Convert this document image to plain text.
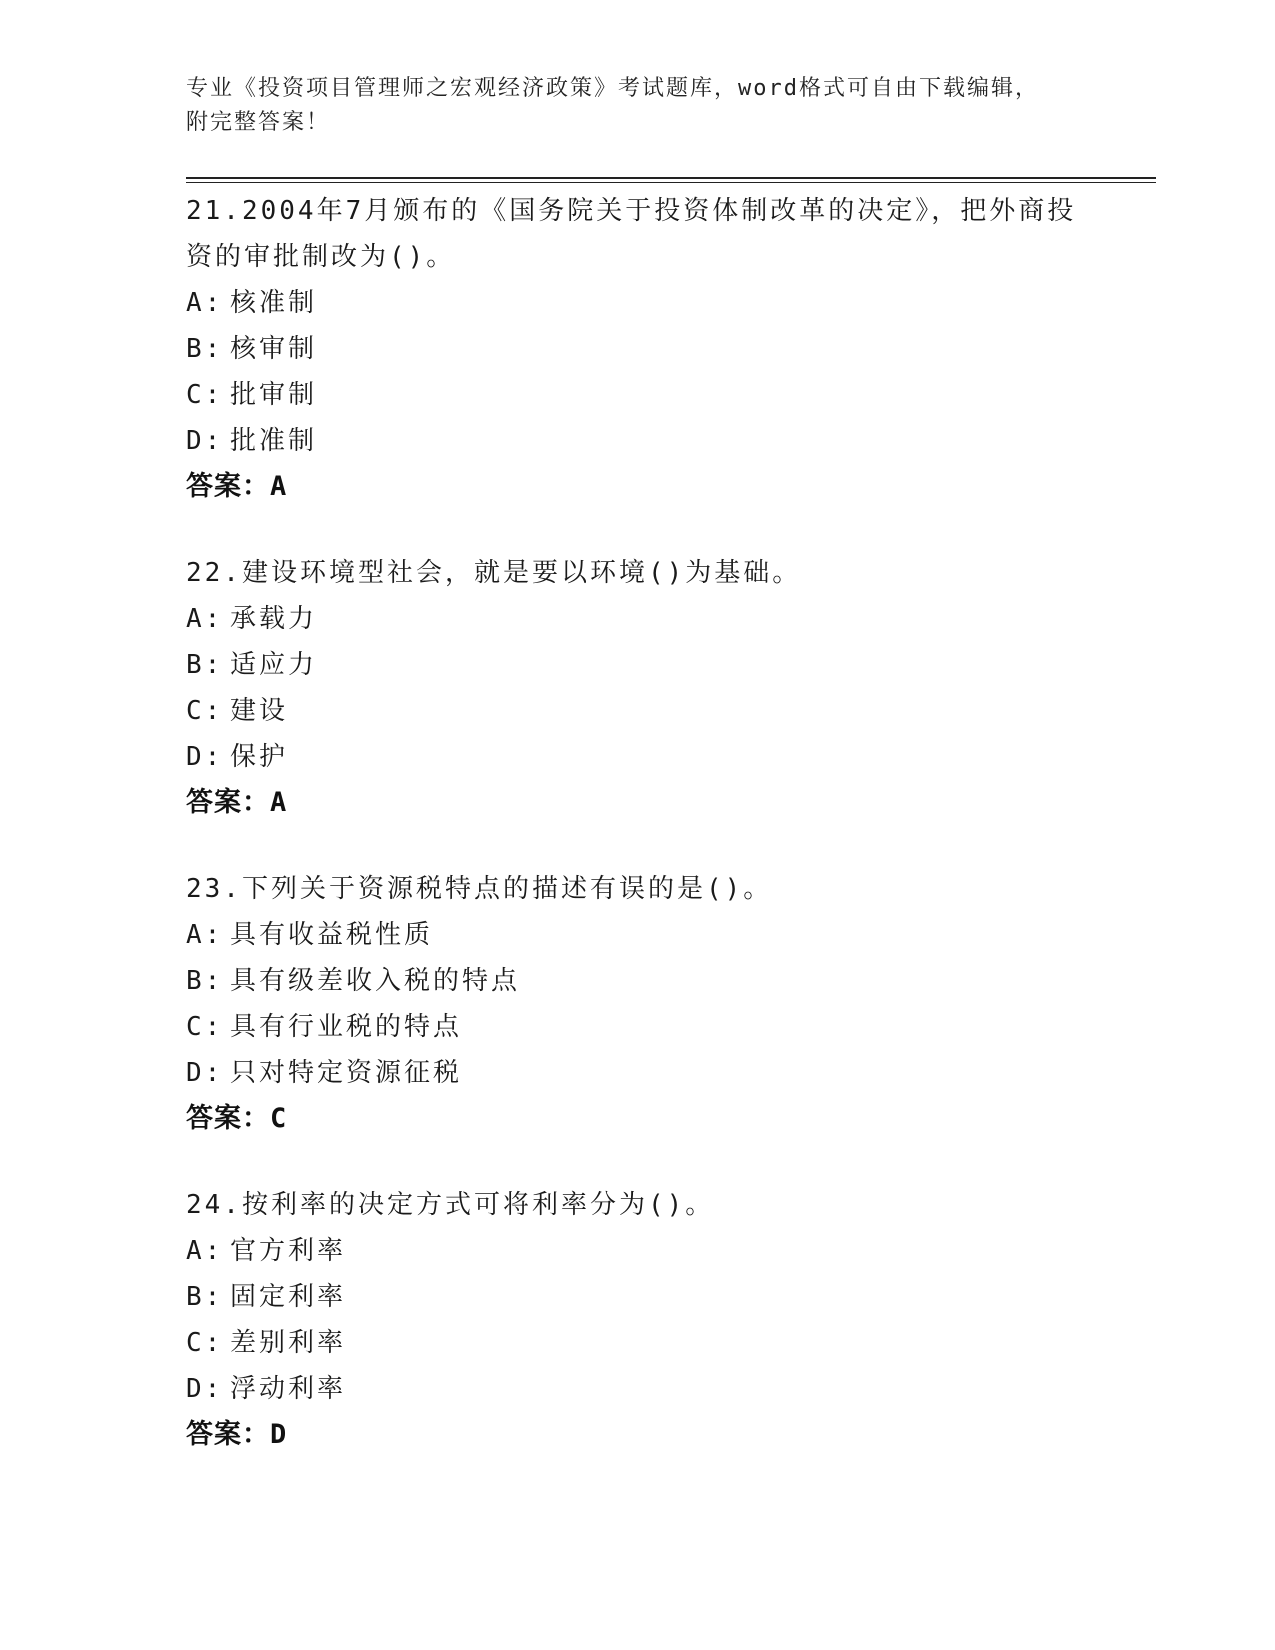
专业《投资项目管理师之宏观经济政策》考试题库，word格式可自由下载编辑，
附完整答案！
21.2004年7月颁布的《国务院关于投资体制改革的决定》，把外商投
资的审批制改为()。
A: 核准制
B: 核审制
C: 批审制
D: 批准制
答案：A
22.建设环境型社会，就是要以环境()为基础。
A: 承载力
B: 适应力
C: 建设
D: 保护
答案：A
23.下列关于资源税特点的描述有误的是()。
A: 具有收益税性质
B: 具有级差收入税的特点
C: 具有行业税的特点
D: 只对特定资源征税
答案：C
24.按利率的决定方式可将利率分为()。
A: 官方利率
B: 固定利率
C: 差别利率
D: 浮动利率
答案：D
